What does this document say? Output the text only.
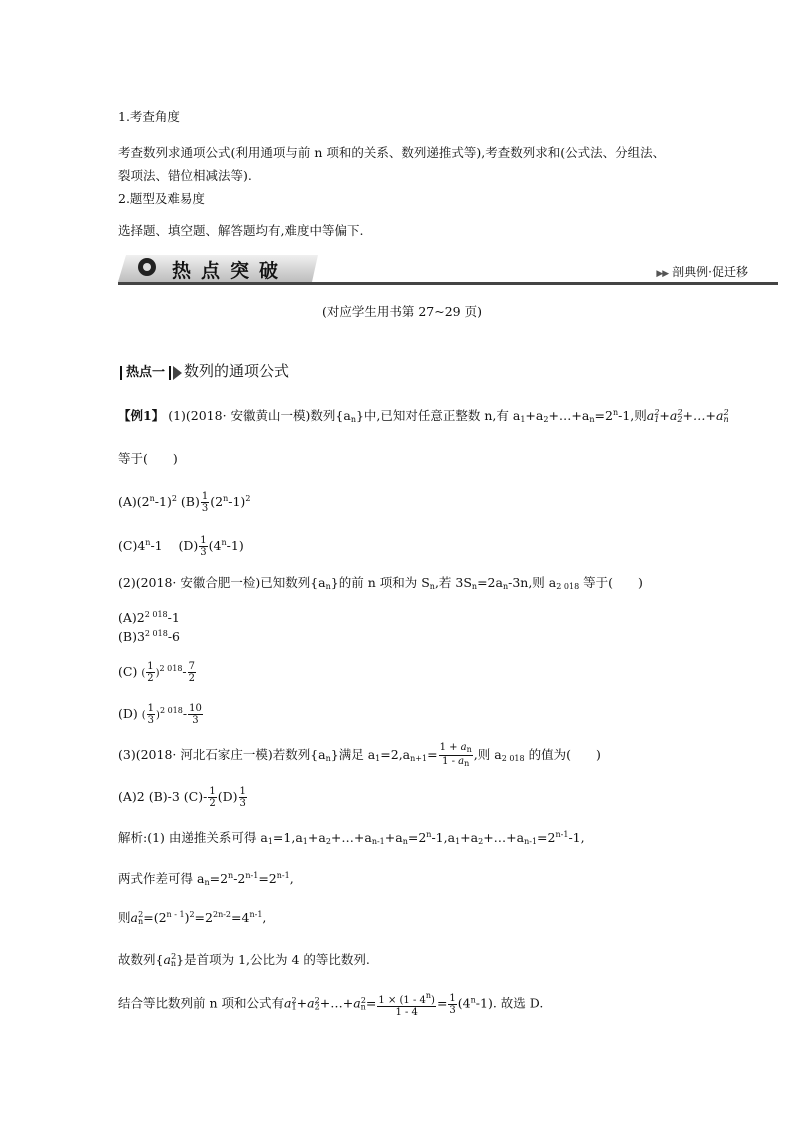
1.考查角度
考查数列求通项公式(利用通项与前 n 项和的关系、数列递推式等),考查数列求和(公式法、分组法、
裂项法、错位相减法等).
2.题型及难易度
选择题、填空题、解答题均有,难度中等偏下.
热点突破	▶▶ 剖典例·促迁移
(对应学生用书第 27~29 页)
热点一 数列的通项公式
【例1】 (1)(2018· 安徽黄山一模)数列$\{a_n\}$中,已知对任意正整数 n,有 $a_1+a_2+\dots+a_n=2^n-1$,则$a_1^2+a_2^2+\dots+a_n^2$
等于(　　)
$(A)(2^n-1)^2$ $(B) \frac{1}{3} (2^n-1)^2$
(C)4$^n$-1    $(D) \frac{1}{3} (4^n-1)$
(2)(2018· 安徽合肥一检)已知数列$\{a_n\}$的前 n 项和为 $S_n$,若 $3S_n=2a_n-3n$,则 $a_{2 018}$ 等于(　　)
$(A)2^{2 018}-1$
$(B)3^{2 018}-6$
(C) ( $\frac{1}{2} )^{2 018}- \frac{7}{2}$
(D) ( $\frac{1}{3} )^{2 018}- \frac{10}{3}$
(3)(2018· 河北石家庄一模)若数列$\{a_n\}$满足 $a_1=2,a_{n+1}= \frac{1 + a_n}{1 - a_n}$ ,则 $a_{2 018}$ 的值为(　　)
(A)2 (B)-3 $(C)- \frac{1}{2} (D) \frac{1}{3}$
解析:(1) 由递推关系可得 $a_1=1,a_1+a_2+\dots+a_{n-1}+a_n=2^n-1,a_1+a_2+\dots+a_{n-1}=2^{n-1}-1$,
两式作差可得 $a_n=2^n-2^{n-1}=2^{n-1}$,
则$a_n^2=(2^{n - 1})^2=2^{2n-2}=4^{n-1}$,
故数列$\{a_n^2\}$是首项为 1,公比为 4 的等比数列.
结合等比数列前 n 项和公式有$a_1^2+a_2^2+\dots+a_n^2= \frac{1 \times (1 - 4^n)}{1 - 4} = \frac{1}{3} (4^n-1)$. 故选 D.
